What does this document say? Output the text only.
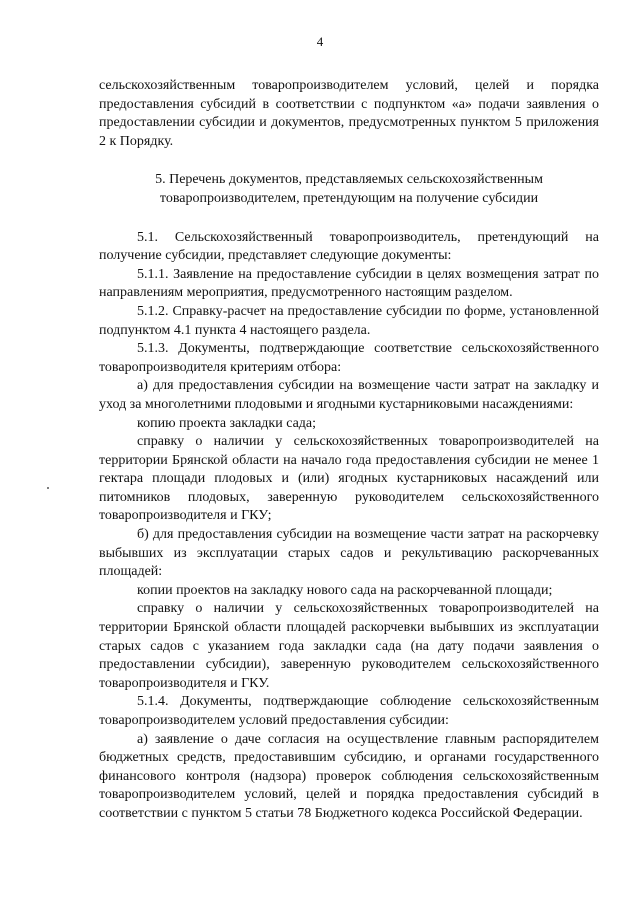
4

сельскохозяйственным товаропроизводителем условий, целей и порядка предоставления субсидий в соответствии с подпунктом «а» подачи заявления о предоставлении субсидии и документов, предусмотренных пунктом 5 приложения 2 к Порядку.

5. Перечень документов, представляемых сельскохозяйственным
товаропроизводителем, претендующим на получение субсидии

5.1. Сельскохозяйственный товаропроизводитель, претендующий на получение субсидии, представляет следующие документы:

5.1.1. Заявление на предоставление субсидии в целях возмещения затрат по направлениям мероприятия, предусмотренного настоящим разделом.

5.1.2. Справку-расчет на предоставление субсидии по форме, установленной подпунктом 4.1 пункта 4 настоящего раздела.

5.1.3. Документы, подтверждающие соответствие сельскохозяйственного товаропроизводителя критериям отбора:

а) для предоставления субсидии на возмещение части затрат на закладку и уход за многолетними плодовыми и ягодными кустарниковыми насаждениями:

копию проекта закладки сада;

справку о наличии у сельскохозяйственных товаропроизводителей на территории Брянской области на начало года предоставления субсидии не менее 1 гектара площади плодовых и (или) ягодных кустарниковых насаждений или питомников плодовых, заверенную руководителем сельскохозяйственного товаропроизводителя и ГКУ;

б) для предоставления субсидии на возмещение части затрат на раскорчевку выбывших из эксплуатации старых садов и рекультивацию раскорчеванных площадей:

копии проектов на закладку нового сада на раскорчеванной площади;

справку о наличии у сельскохозяйственных товаропроизводителей на территории Брянской области площадей раскорчевки выбывших из эксплуатации старых садов с указанием года закладки сада (на дату подачи заявления о предоставлении субсидии), заверенную руководителем сельскохозяйственного товаропроизводителя и ГКУ.

5.1.4. Документы, подтверждающие соблюдение сельскохозяйственным товаропроизводителем условий предоставления субсидии:

а) заявление о даче согласия на осуществление главным распорядителем бюджетных средств, предоставившим субсидию, и органами государственного финансового контроля (надзора) проверок соблюдения сельскохозяйственным товаропроизводителем условий, целей и порядка предоставления субсидий в соответствии с пунктом 5 статьи 78 Бюджетного кодекса Российской Федерации.
